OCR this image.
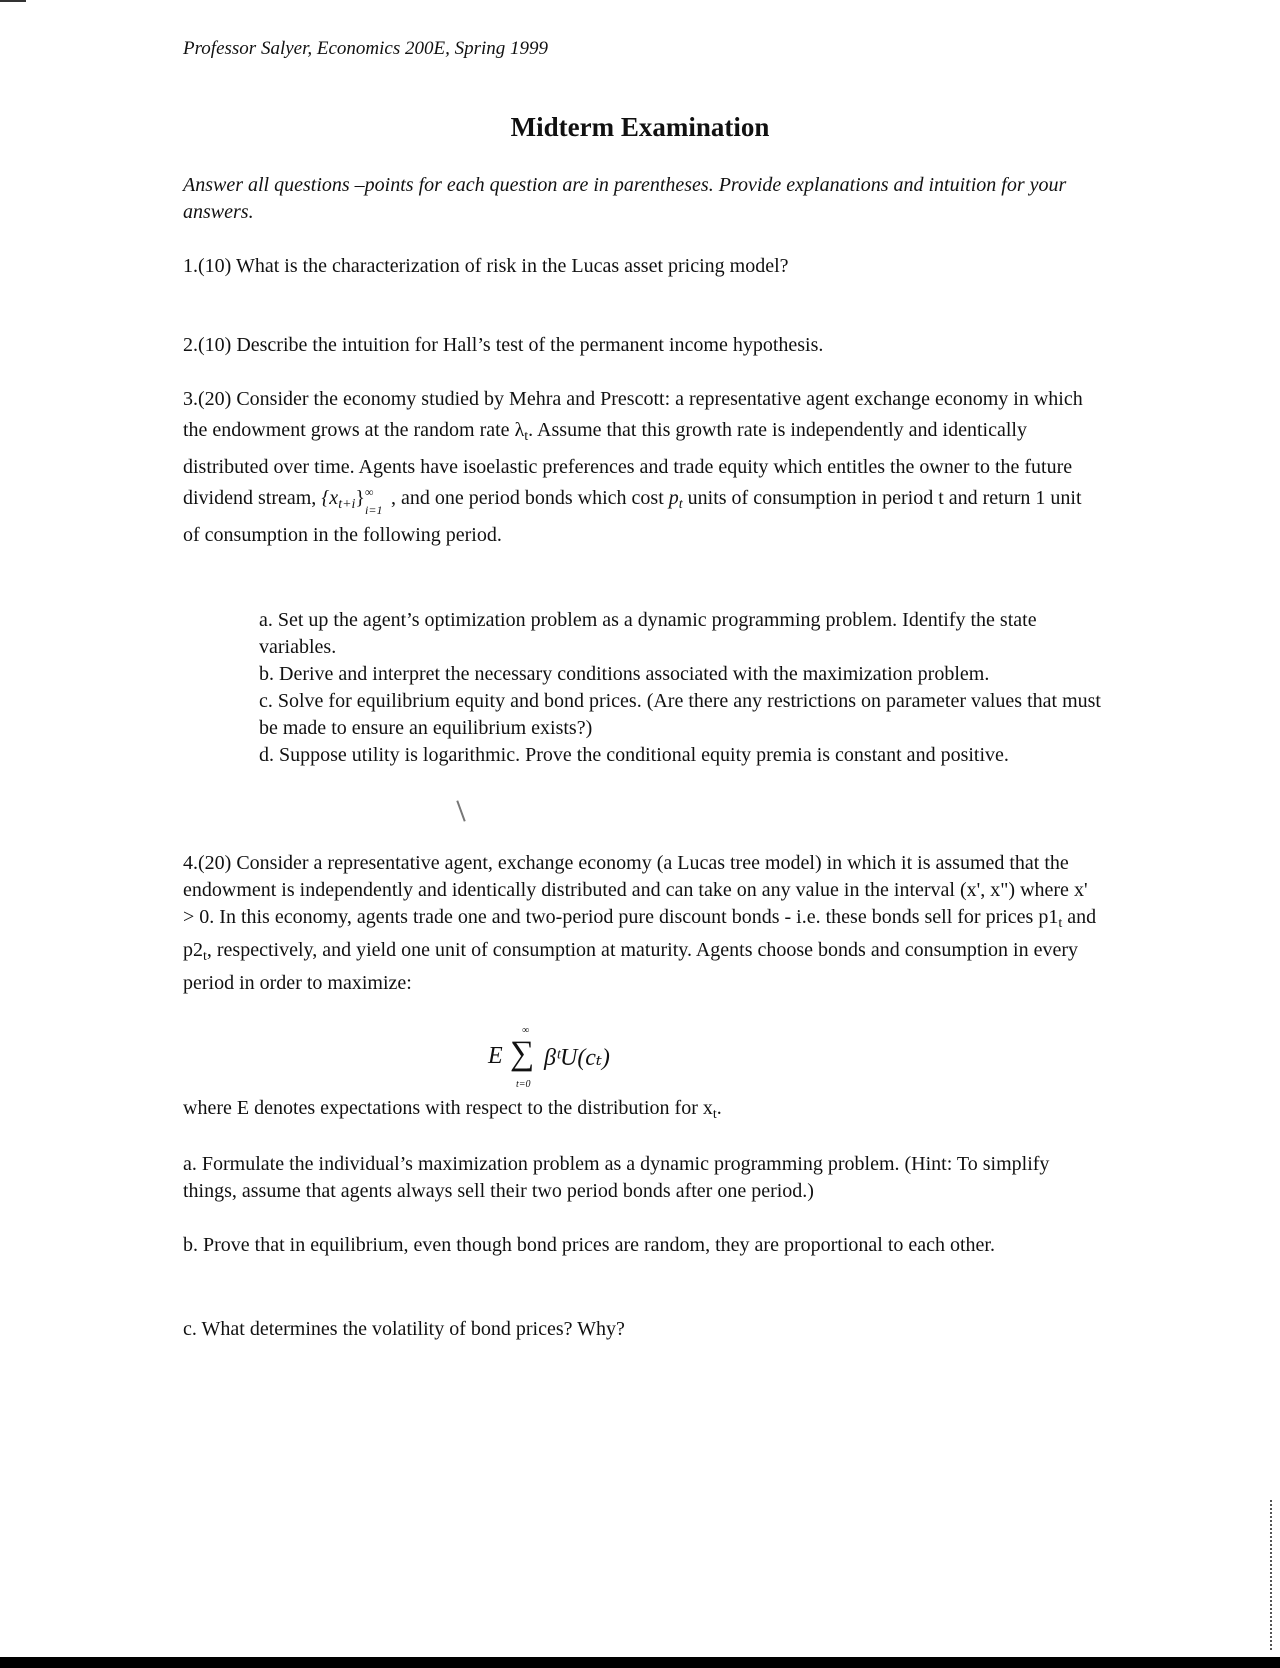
Professor Salyer, Economics 200E, Spring 1999
Midterm Examination
Answer all questions –points for each question are in parentheses. Provide explanations and intuition for your answers.
1.(10) What is the characterization of risk in the Lucas asset pricing model?
2.(10) Describe the intuition for Hall’s test of the permanent income hypothesis.
3.(20) Consider the economy studied by Mehra and Prescott: a representative agent exchange economy in which the endowment grows at the random rate $\lambda_t$. Assume that this growth rate is independently and identically distributed over time. Agents have isoelastic preferences and trade equity which entitles the owner to the future dividend stream, $\{x_{t+i}\}$ ∞
i=1
, and one period bonds which cost $p_t$ units of consumption in period t and return 1 unit of consumption in the following period.
a. Set up the agent’s optimization problem as a dynamic programming problem. Identify the state variables.
b. Derive and interpret the necessary conditions associated with the maximization problem.
c. Solve for equilibrium equity and bond prices. (Are there any restrictions on parameter values that must be made to ensure an equilibrium exists?)
d. Suppose utility is logarithmic. Prove the conditional equity premia is constant and positive.
4.(20) Consider a representative agent, exchange economy (a Lucas tree model) in which it is assumed that the endowment is independently and identically distributed and can take on any value in the interval (x', x") where x' > 0. In this economy, agents trade one and two-period pure discount bonds - i.e. these bonds sell for prices $p1_t$ and $p2_t$, respectively, and yield one unit of consumption at maturity. Agents choose bonds and consumption in every period in order to maximize:
E
∞
∑
t=0
βᵗU(cₜ)
where E denotes expectations with respect to the distribution for $x_t$.
a. Formulate the individual’s maximization problem as a dynamic programming problem. (Hint: To simplify things, assume that agents always sell their two period bonds after one period.)
b. Prove that in equilibrium, even though bond prices are random, they are proportional to each other.
c. What determines the volatility of bond prices? Why?
